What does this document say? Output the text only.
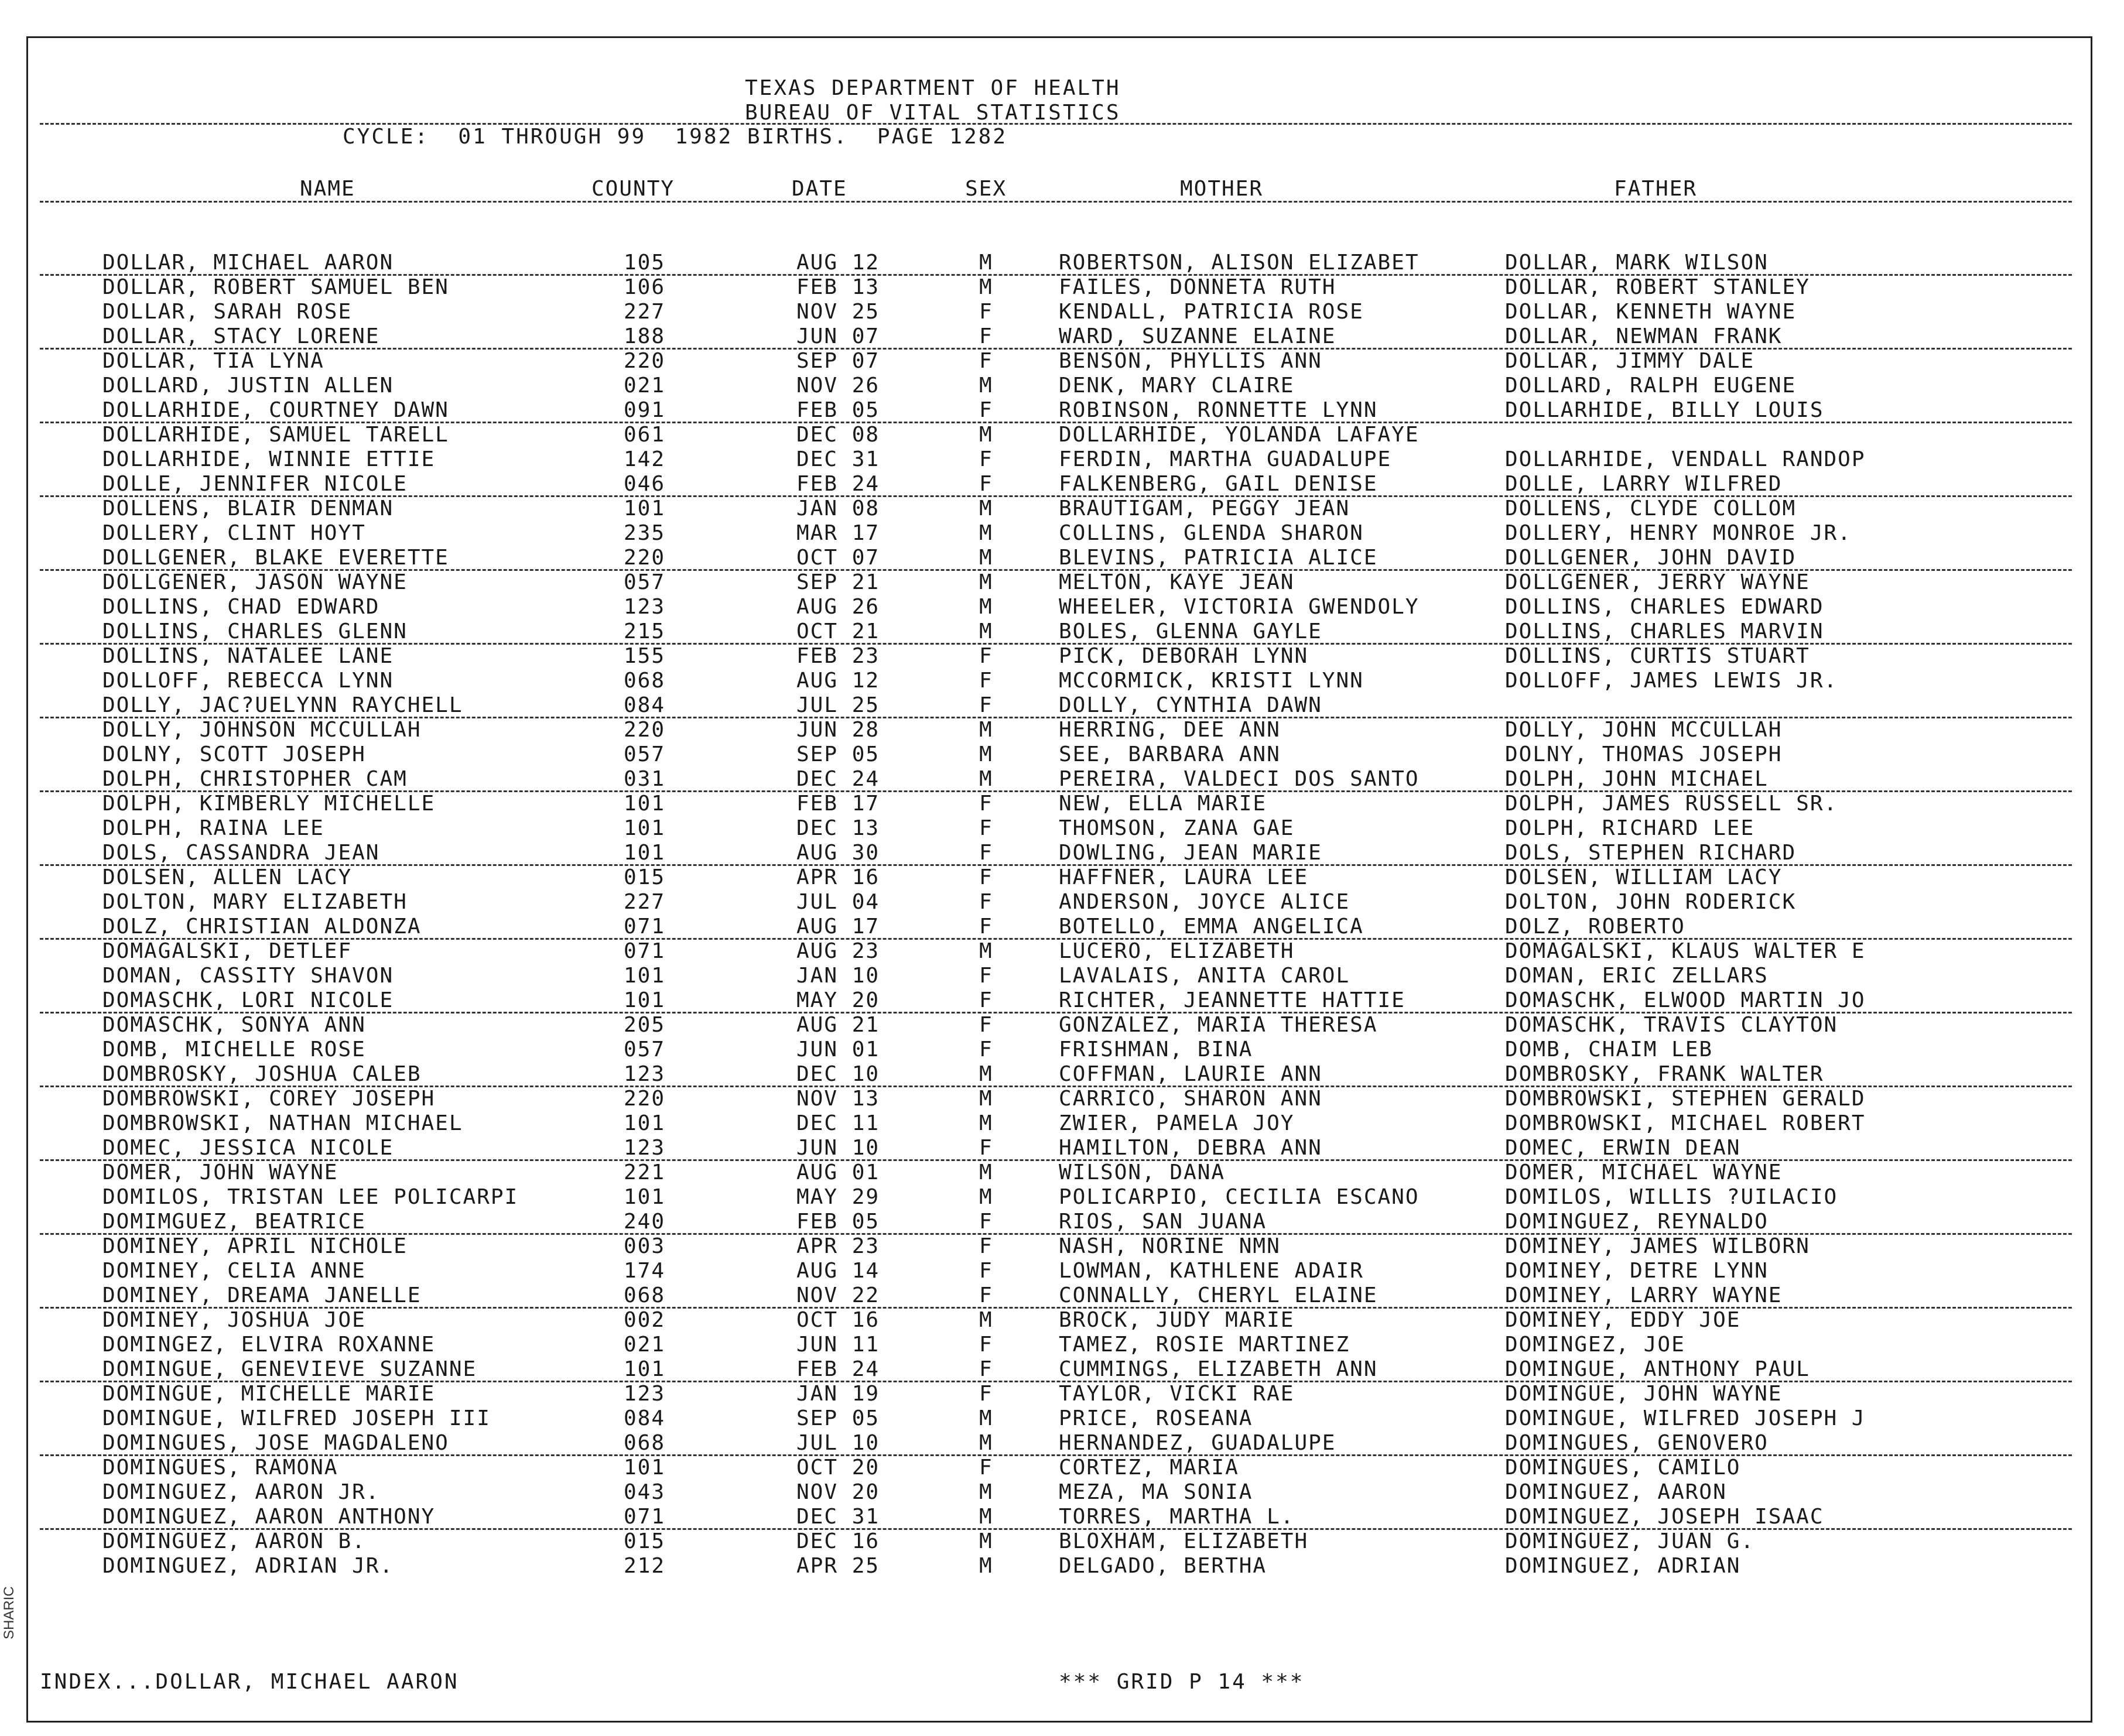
TEXAS DEPARTMENT OF HEALTH
BUREAU OF VITAL STATISTICS
CYCLE:  01 THROUGH 99  1982 BIRTHS.  PAGE 1282
NAME	COUNTY	DATE	SEX	MOTHER	FATHER
DOLLAR, MICHAEL AARON	105	AUG 12	M	ROBERTSON, ALISON ELIZABET	DOLLAR, MARK WILSON
DOLLAR, ROBERT SAMUEL BEN	106	FEB 13	M	FAILES, DONNETA RUTH	DOLLAR, ROBERT STANLEY
DOLLAR, SARAH ROSE	227	NOV 25	F	KENDALL, PATRICIA ROSE	DOLLAR, KENNETH WAYNE
DOLLAR, STACY LORENE	188	JUN 07	F	WARD, SUZANNE ELAINE	DOLLAR, NEWMAN FRANK
DOLLAR, TIA LYNA	220	SEP 07	F	BENSON, PHYLLIS ANN	DOLLAR, JIMMY DALE
DOLLARD, JUSTIN ALLEN	021	NOV 26	M	DENK, MARY CLAIRE	DOLLARD, RALPH EUGENE
DOLLARHIDE, COURTNEY DAWN	091	FEB 05	F	ROBINSON, RONNETTE LYNN	DOLLARHIDE, BILLY LOUIS
DOLLARHIDE, SAMUEL TARELL	061	DEC 08	M	DOLLARHIDE, YOLANDA LAFAYE
DOLLARHIDE, WINNIE ETTIE	142	DEC 31	F	FERDIN, MARTHA GUADALUPE	DOLLARHIDE, VENDALL RANDOP
DOLLE, JENNIFER NICOLE	046	FEB 24	F	FALKENBERG, GAIL DENISE	DOLLE, LARRY WILFRED
DOLLENS, BLAIR DENMAN	101	JAN 08	M	BRAUTIGAM, PEGGY JEAN	DOLLENS, CLYDE COLLOM
DOLLERY, CLINT HOYT	235	MAR 17	M	COLLINS, GLENDA SHARON	DOLLERY, HENRY MONROE JR.
DOLLGENER, BLAKE EVERETTE	220	OCT 07	M	BLEVINS, PATRICIA ALICE	DOLLGENER, JOHN DAVID
DOLLGENER, JASON WAYNE	057	SEP 21	M	MELTON, KAYE JEAN	DOLLGENER, JERRY WAYNE
DOLLINS, CHAD EDWARD	123	AUG 26	M	WHEELER, VICTORIA GWENDOLY	DOLLINS, CHARLES EDWARD
DOLLINS, CHARLES GLENN	215	OCT 21	M	BOLES, GLENNA GAYLE	DOLLINS, CHARLES MARVIN
DOLLINS, NATALEE LANE	155	FEB 23	F	PICK, DEBORAH LYNN	DOLLINS, CURTIS STUART
DOLLOFF, REBECCA LYNN	068	AUG 12	F	MCCORMICK, KRISTI LYNN	DOLLOFF, JAMES LEWIS JR.
DOLLY, JAC?UELYNN RAYCHELL	084	JUL 25	F	DOLLY, CYNTHIA DAWN
DOLLY, JOHNSON MCCULLAH	220	JUN 28	M	HERRING, DEE ANN	DOLLY, JOHN MCCULLAH
DOLNY, SCOTT JOSEPH	057	SEP 05	M	SEE, BARBARA ANN	DOLNY, THOMAS JOSEPH
DOLPH, CHRISTOPHER CAM	031	DEC 24	M	PEREIRA, VALDECI DOS SANTO	DOLPH, JOHN MICHAEL
DOLPH, KIMBERLY MICHELLE	101	FEB 17	F	NEW, ELLA MARIE	DOLPH, JAMES RUSSELL SR.
DOLPH, RAINA LEE	101	DEC 13	F	THOMSON, ZANA GAE	DOLPH, RICHARD LEE
DOLS, CASSANDRA JEAN	101	AUG 30	F	DOWLING, JEAN MARIE	DOLS, STEPHEN RICHARD
DOLSEN, ALLEN LACY	015	APR 16	F	HAFFNER, LAURA LEE	DOLSEN, WILLIAM LACY
DOLTON, MARY ELIZABETH	227	JUL 04	F	ANDERSON, JOYCE ALICE	DOLTON, JOHN RODERICK
DOLZ, CHRISTIAN ALDONZA	071	AUG 17	F	BOTELLO, EMMA ANGELICA	DOLZ, ROBERTO
DOMAGALSKI, DETLEF	071	AUG 23	M	LUCERO, ELIZABETH	DOMAGALSKI, KLAUS WALTER E
DOMAN, CASSITY SHAVON	101	JAN 10	F	LAVALAIS, ANITA CAROL	DOMAN, ERIC ZELLARS
DOMASCHK, LORI NICOLE	101	MAY 20	F	RICHTER, JEANNETTE HATTIE	DOMASCHK, ELWOOD MARTIN JO
DOMASCHK, SONYA ANN	205	AUG 21	F	GONZALEZ, MARIA THERESA	DOMASCHK, TRAVIS CLAYTON
DOMB, MICHELLE ROSE	057	JUN 01	F	FRISHMAN, BINA	DOMB, CHAIM LEB
DOMBROSKY, JOSHUA CALEB	123	DEC 10	M	COFFMAN, LAURIE ANN	DOMBROSKY, FRANK WALTER
DOMBROWSKI, COREY JOSEPH	220	NOV 13	M	CARRICO, SHARON ANN	DOMBROWSKI, STEPHEN GERALD
DOMBROWSKI, NATHAN MICHAEL	101	DEC 11	M	ZWIER, PAMELA JOY	DOMBROWSKI, MICHAEL ROBERT
DOMEC, JESSICA NICOLE	123	JUN 10	F	HAMILTON, DEBRA ANN	DOMEC, ERWIN DEAN
DOMER, JOHN WAYNE	221	AUG 01	M	WILSON, DANA	DOMER, MICHAEL WAYNE
DOMILOS, TRISTAN LEE POLICARPI	101	MAY 29	M	POLICARPIO, CECILIA ESCANO	DOMILOS, WILLIS ?UILACIO
DOMIMGUEZ, BEATRICE	240	FEB 05	F	RIOS, SAN JUANA	DOMINGUEZ, REYNALDO
DOMINEY, APRIL NICHOLE	003	APR 23	F	NASH, NORINE NMN	DOMINEY, JAMES WILBORN
DOMINEY, CELIA ANNE	174	AUG 14	F	LOWMAN, KATHLENE ADAIR	DOMINEY, DETRE LYNN
DOMINEY, DREAMA JANELLE	068	NOV 22	F	CONNALLY, CHERYL ELAINE	DOMINEY, LARRY WAYNE
DOMINEY, JOSHUA JOE	002	OCT 16	M	BROCK, JUDY MARIE	DOMINEY, EDDY JOE
DOMINGEZ, ELVIRA ROXANNE	021	JUN 11	F	TAMEZ, ROSIE MARTINEZ	DOMINGEZ, JOE
DOMINGUE, GENEVIEVE SUZANNE	101	FEB 24	F	CUMMINGS, ELIZABETH ANN	DOMINGUE, ANTHONY PAUL
DOMINGUE, MICHELLE MARIE	123	JAN 19	F	TAYLOR, VICKI RAE	DOMINGUE, JOHN WAYNE
DOMINGUE, WILFRED JOSEPH III	084	SEP 05	M	PRICE, ROSEANA	DOMINGUE, WILFRED JOSEPH J
DOMINGUES, JOSE MAGDALENO	068	JUL 10	M	HERNANDEZ, GUADALUPE	DOMINGUES, GENOVERO
DOMINGUES, RAMONA	101	OCT 20	F	CORTEZ, MARIA	DOMINGUES, CAMILO
DOMINGUEZ, AARON JR.	043	NOV 20	M	MEZA, MA SONIA	DOMINGUEZ, AARON
DOMINGUEZ, AARON ANTHONY	071	DEC 31	M	TORRES, MARTHA L.	DOMINGUEZ, JOSEPH ISAAC
DOMINGUEZ, AARON B.	015	DEC 16	M	BLOXHAM, ELIZABETH	DOMINGUEZ, JUAN G.
DOMINGUEZ, ADRIAN JR.	212	APR 25	M	DELGADO, BERTHA	DOMINGUEZ, ADRIAN
INDEX...DOLLAR, MICHAEL AARON	*** GRID P 14 ***
SHARIC
